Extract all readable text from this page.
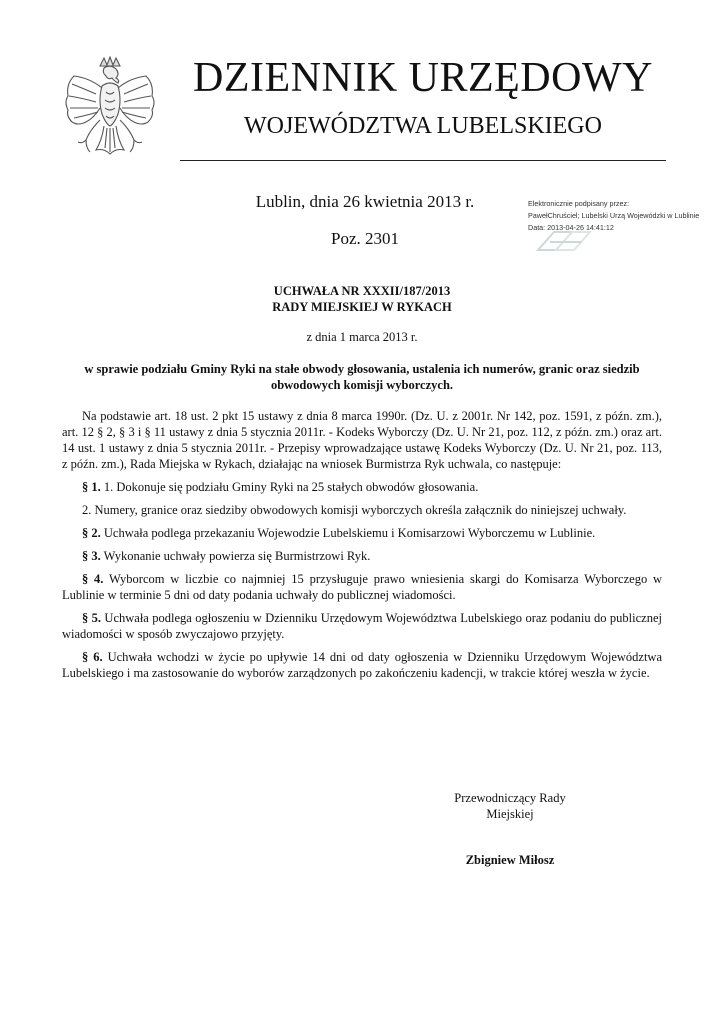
DZIENNIK URZĘDOWY
WOJEWÓDZTWA LUBELSKIEGO
Lublin, dnia 26 kwietnia 2013 r.
Poz. 2301
Elektronicznie podpisany przez:
PawełChruściel; Lubelski Urzą Wojewódzki w Lublinie
Data: 2013-04-26 14:41:12
UCHWAŁA NR XXXII/187/2013
RADY MIEJSKIEJ W RYKACH
z dnia 1 marca 2013 r.
w sprawie podziału Gminy Ryki na stałe obwody głosowania, ustalenia ich numerów, granic oraz siedzib obwodowych komisji wyborczych.

Na podstawie art. 18 ust. 2 pkt 15 ustawy z dnia 8 marca 1990r. (Dz. U. z 2001r. Nr 142, poz. 1591, z późn. zm.), art. 12 § 2, § 3 i § 11 ustawy z dnia 5 stycznia 2011r. - Kodeks Wyborczy (Dz. U. Nr 21, poz. 112, z późn. zm.) oraz art. 14 ust. 1 ustawy z dnia 5 stycznia 2011r. - Przepisy wprowadzające ustawę Kodeks Wyborczy (Dz. U. Nr 21, poz. 113, z późn. zm.), Rada Miejska w Rykach, działając na wniosek Burmistrza Ryk uchwala, co następuje:

§ 1. 1. Dokonuje się podziału Gminy Ryki na 25 stałych obwodów głosowania.

2. Numery, granice oraz siedziby obwodowych komisji wyborczych określa załącznik do niniejszej uchwały.

§ 2. Uchwała podlega przekazaniu Wojewodzie Lubelskiemu i Komisarzowi Wyborczemu w Lublinie.

§ 3. Wykonanie uchwały powierza się Burmistrzowi Ryk.

§ 4. Wyborcom w liczbie co najmniej 15 przysługuje prawo wniesienia skargi do Komisarza Wyborczego w Lublinie w terminie 5 dni od daty podania uchwały do publicznej wiadomości.

§ 5. Uchwała podlega ogłoszeniu w Dzienniku Urzędowym Województwa Lubelskiego oraz podaniu do publicznej wiadomości w sposób zwyczajowo przyjęty.

§ 6. Uchwała wchodzi w życie po upływie 14 dni od daty ogłoszenia w Dzienniku Urzędowym Województwa Lubelskiego i ma zastosowanie do wyborów zarządzonych po zakończeniu kadencji, w trakcie której weszła w życie.

Przewodniczący Rady
Miejskiej
Zbigniew Miłosz
